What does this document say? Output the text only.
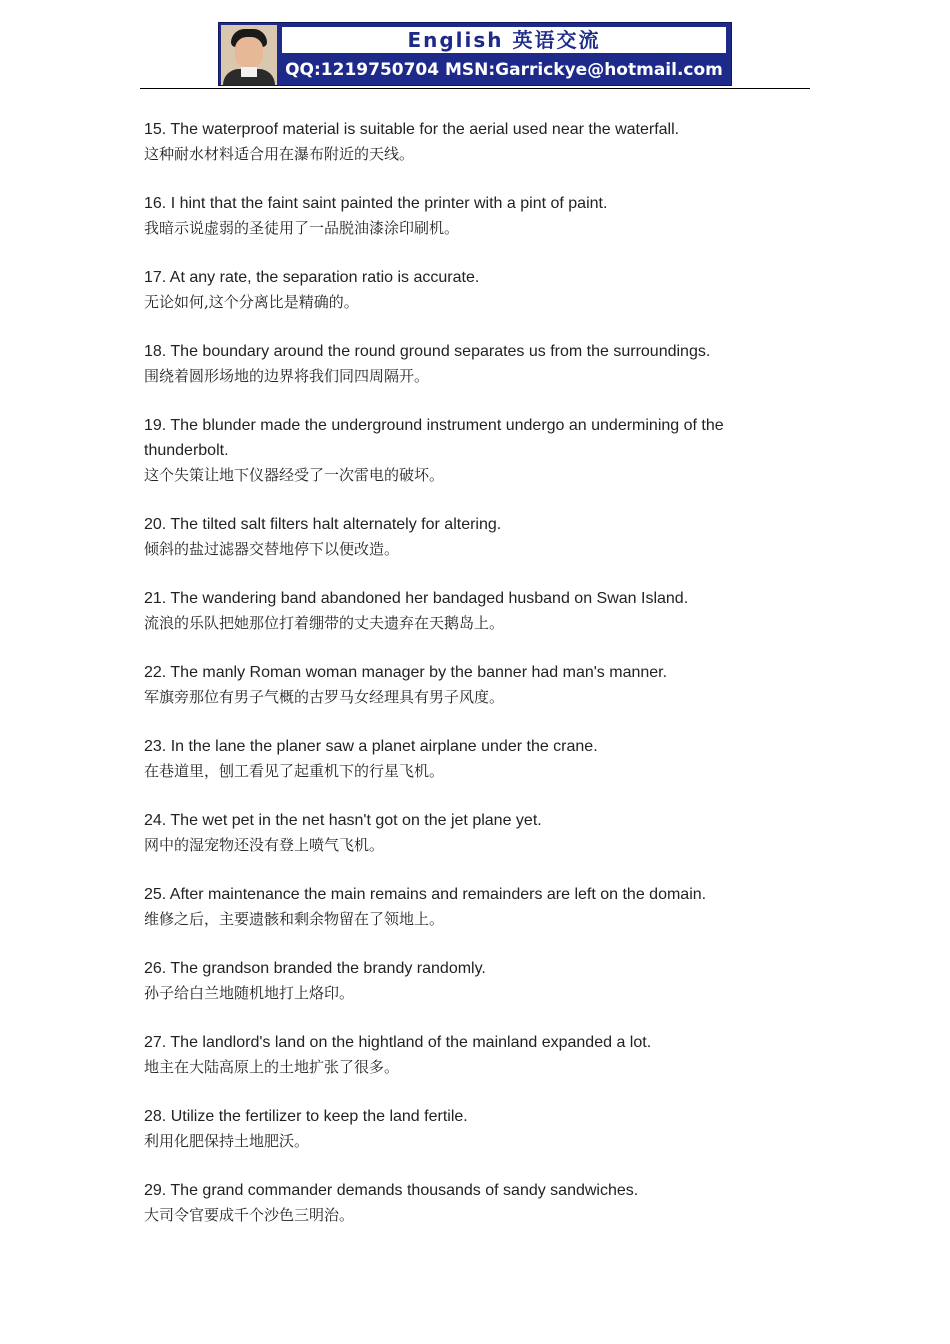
English 英语交流
QQ:1219750704 MSN:Garrickye@hotmail.com
15. The waterproof material is suitable for the aerial used near the waterfall.
这种耐水材料适合用在瀑布附近的天线。
16. I hint that the faint saint painted the printer with a pint of paint.
我暗示说虚弱的圣徒用了一品脱油漆涂印刷机。
17. At any rate, the separation ratio is accurate.
无论如何,这个分离比是精确的。
18. The boundary around the round ground separates us from the surroundings.
围绕着圆形场地的边界将我们同四周隔开。
19. The blunder made the underground instrument undergo an undermining of the thunderbolt.
这个失策让地下仪器经受了一次雷电的破坏。
20. The tilted salt filters halt alternately for altering.
倾斜的盐过滤器交替地停下以便改造。
21. The wandering band abandoned her bandaged husband on Swan Island.
流浪的乐队把她那位打着绷带的丈夫遗弃在天鹅岛上。
22. The manly Roman woman manager by the banner had man's manner.
军旗旁那位有男子气概的古罗马女经理具有男子风度。
23. In the lane the planer saw a planet airplane under the crane.
在巷道里，刨工看见了起重机下的行星飞机。
24. The wet pet in the net hasn't got on the jet plane yet.
网中的湿宠物还没有登上喷气飞机。
25. After maintenance the main remains and remainders are left on the domain.
维修之后，主要遗骸和剩余物留在了领地上。
26. The grandson branded the brandy randomly.
孙子给白兰地随机地打上烙印。
27. The landlord's land on the hightland of the mainland expanded a lot.
地主在大陆高原上的土地扩张了很多。
28. Utilize the fertilizer to keep the land fertile.
利用化肥保持土地肥沃。
29. The grand commander demands thousands of sandy sandwiches.
大司令官要成千个沙色三明治。
